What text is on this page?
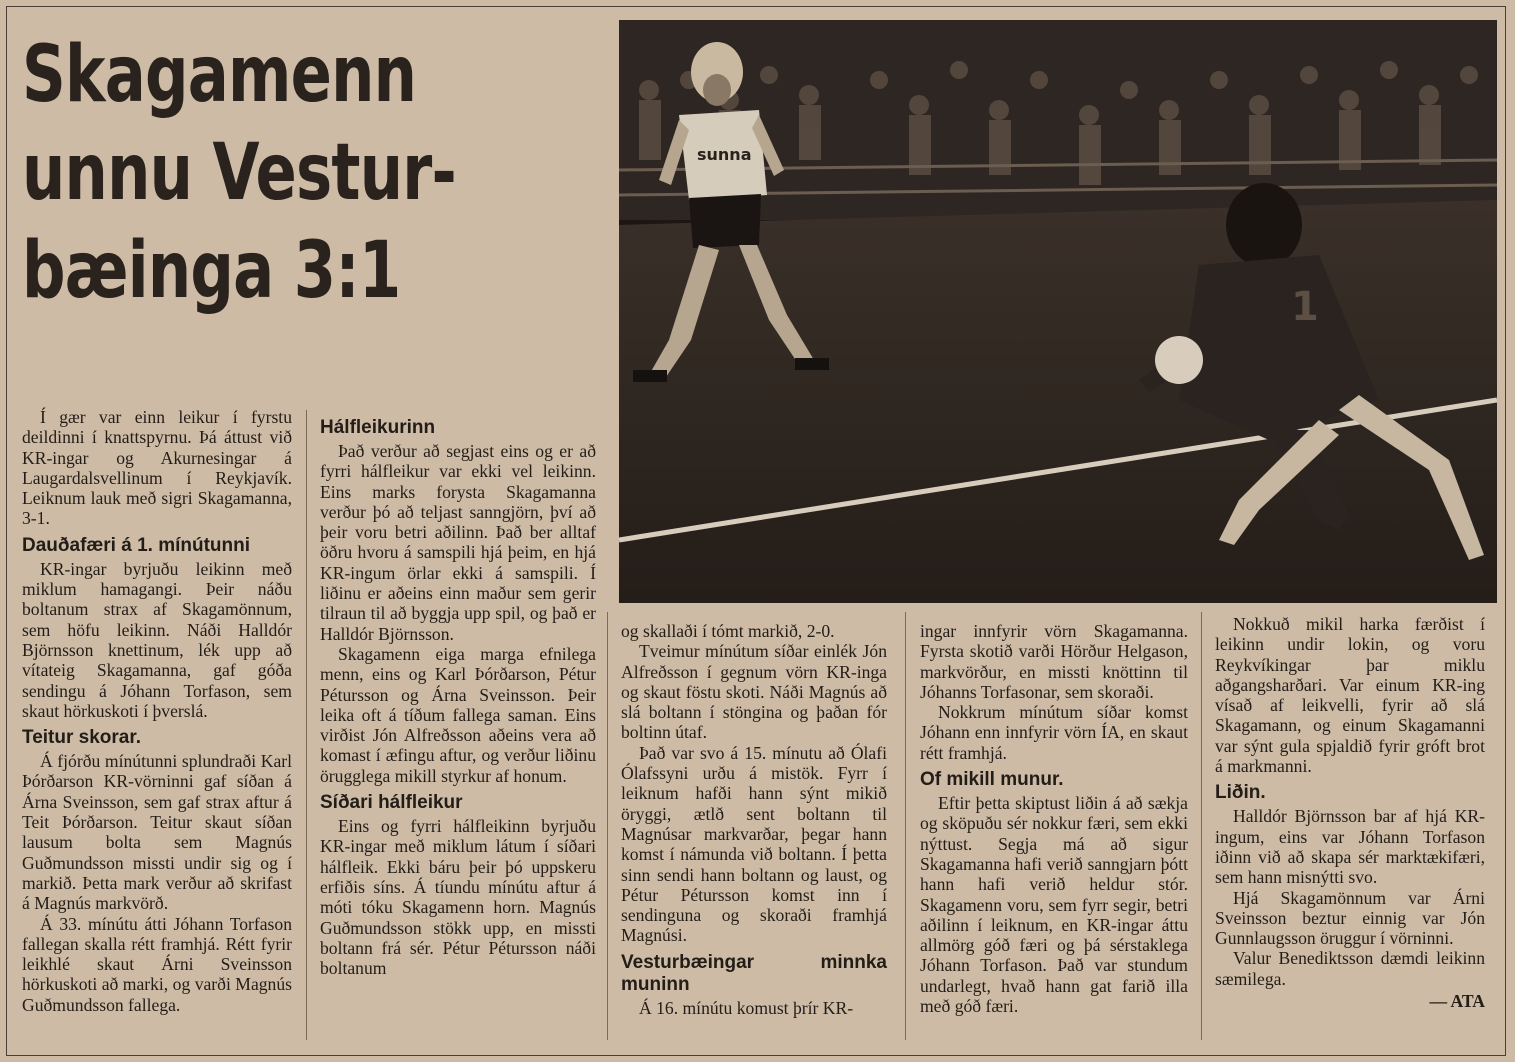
Skagamenn
unnu Vestur-
bæinga 3:1
sunna
1

Í gær var einn leikur í fyrstu deildinni í knattspyrnu. Þá áttust við KR-ingar og Akurnesingar á Laugardalsvellinum í Reykjavík. Leiknum lauk með sigri Skagamanna, 3-1.

Dauðafæri á 1. mínútunni

KR-ingar byrjuðu leikinn með miklum hamagangi. Þeir náðu boltanum strax af Skagamönnum, sem höfu leikinn. Náði Halldór Björnsson knettinum, lék upp að vítateig Skagamanna, gaf góða sendingu á Jóhann Torfason, sem skaut hörkuskoti í þverslá.

Teitur skorar.

Á fjórðu mínútunni splundraði Karl Þórðarson KR-vörninni gaf síðan á Árna Sveinsson, sem gaf strax aftur á Teit Þórðarson. Teitur skaut síðan lausum bolta sem Magnús Guðmundsson missti undir sig og í markið. Þetta mark verður að skrifast á Magnús markvörð.

Á 33. mínútu átti Jóhann Torfason fallegan skalla rétt framhjá. Rétt fyrir leikhlé skaut Árni Sveinsson hörkuskoti að marki, og varði Magnús Guðmundsson fallega.

Hálfleikurinn

Það verður að segjast eins og er að fyrri hálfleikur var ekki vel leikinn. Eins marks forysta Skagamanna verður þó að teljast sanngjörn, því að þeir voru betri aðilinn. Það ber alltaf öðru hvoru á samspili hjá þeim, en hjá KR-ingum örlar ekki á samspili. Í liðinu er aðeins einn maður sem gerir tilraun til að byggja upp spil, og það er Halldór Björnsson.

Skagamenn eiga marga efnilega menn, eins og Karl Þórðarson, Pétur Pétursson og Árna Sveinsson. Þeir leika oft á tíðum fallega saman. Eins virðist Jón Alfreðsson aðeins vera að komast í æfingu aftur, og verður liðinu örugglega mikill styrkur af honum.

Síðari hálfleikur

Eins og fyrri hálfleikinn byrjuðu KR-ingar með miklum látum í síðari hálfleik. Ekki báru þeir þó uppskeru erfiðis síns. Á tíundu mínútu aftur á móti tóku Skagamenn horn. Magnús Guðmundsson stökk upp, en missti boltann frá sér. Pétur Pétursson náði boltanum

og skallaði í tómt markið, 2-0.

Tveimur mínútum síðar einlék Jón Alfreðsson í gegnum vörn KR-inga og skaut föstu skoti. Náði Magnús að slá boltann í stöngina og þaðan fór boltinn útaf.

Það var svo á 15. mínutu að Ólafi Ólafssyni urðu á mistök. Fyrr í leiknum hafði hann sýnt mikið öryggi, ætlð sent boltann til Magnúsar markvarðar, þegar hann komst í námunda við boltann. Í þetta sinn sendi hann boltann og laust, og Pétur Pétursson komst inn í sendinguna og skoraði framhjá Magnúsi.

Vesturbæingar minnka muninn

Á 16. mínútu komust þrír KR-

ingar innfyrir vörn Skagamanna. Fyrsta skotið varði Hörður Helgason, markvörður, en missti knöttinn til Jóhanns Torfasonar, sem skoraði.

Nokkrum mínútum síðar komst Jóhann enn innfyrir vörn ÍA, en skaut rétt framhjá.

Of mikill munur.

Eftir þetta skiptust liðin á að sækja og sköpuðu sér nokkur færi, sem ekki nýttust. Segja má að sigur Skagamanna hafi verið sanngjarn þótt hann hafi verið heldur stór. Skagamenn voru, sem fyrr segir, betri aðilinn í leiknum, en KR-ingar áttu allmörg góð færi og þá sérstaklega Jóhann Torfason. Það var stundum undarlegt, hvað hann gat farið illa með góð færi.

Nokkuð mikil harka færðist í leikinn undir lokin, og voru Reykvíkingar þar miklu aðgangsharðari. Var einum KR-ing vísað af leikvelli, fyrir að slá Skagamann, og einum Skagamanni var sýnt gula spjaldið fyrir gróft brot á markmanni.

Liðin.

Halldór Björnsson bar af hjá KR-ingum, eins var Jóhann Torfason iðinn við að skapa sér marktækifæri, sem hann misnýtti svo.

Hjá Skagamönnum var Árni Sveinsson beztur einnig var Jón Gunnlaugsson öruggur í vörninni.

Valur Benediktsson dæmdi leikinn sæmilega.

— ATA
